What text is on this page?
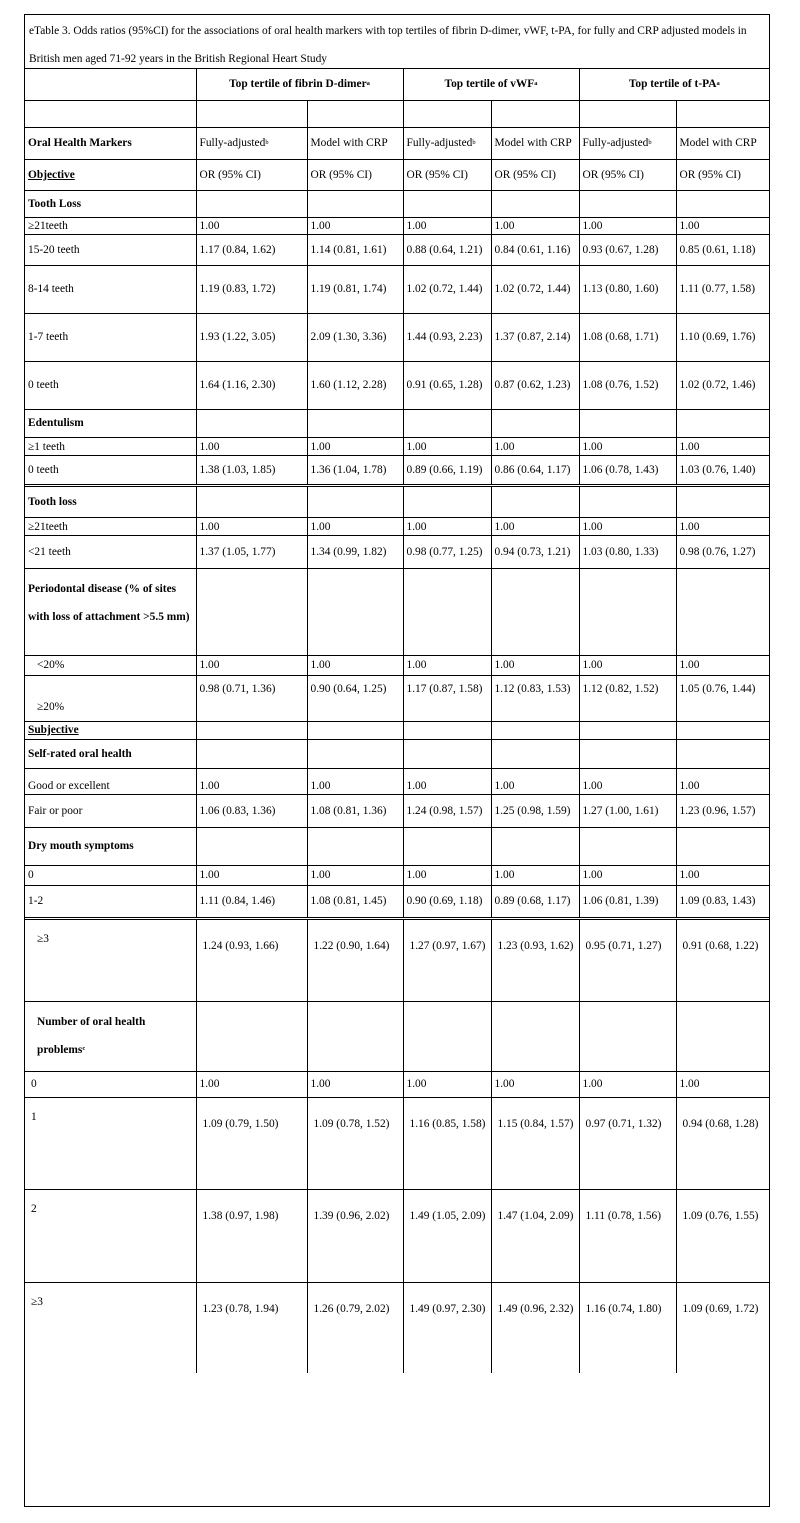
eTable 3. Odds ratios (95%CI) for the associations of oral health markers with top tertiles of fibrin D-dimer, vWF, t-PA, for fully and CRP adjusted models in British men aged 71-92 years in the British Regional Heart Study
	Top tertile of fibrin D-dimer$^a$		Top tertile of vWF$^a$		Top tertile of $t-PA^a$

Oral Health Markers	Fully-adjusted$^b$	Model with CRP	Fully-adjusted$^b$	Model with CRP	Fully-adjusted$^b$	Model with CRP
Objective	OR (95% CI)	OR (95% CI)	OR (95% CI)	OR (95% CI)	OR (95% CI)	OR (95% CI)
Tooth Loss						
≥21teeth	1.00	1.00	1.00	1.00	1.00	1.00
15-20 teeth	1.17 (0.84, 1.62)	1.14 (0.81, 1.61)	0.88 (0.64, 1.21)	0.84 (0.61, 1.16)	0.93 (0.67, 1.28)	0.85 (0.61, 1.18)
8-14 teeth	1.19 (0.83, 1.72)	1.19 (0.81, 1.74)	1.02 (0.72, 1.44)	1.02 (0.72, 1.44)	1.13 (0.80, 1.60)	1.11 (0.77, 1.58)
1-7 teeth	1.93 (1.22, 3.05)	2.09 (1.30, 3.36)	1.44 (0.93, 2.23)	1.37 (0.87, 2.14)	1.08 (0.68, 1.71)	1.10 (0.69, 1.76)
0 teeth	1.64 (1.16, 2.30)	1.60 (1.12, 2.28)	0.91 (0.65, 1.28)	0.87 (0.62, 1.23)	1.08 (0.76, 1.52)	1.02 (0.72, 1.46)
Edentulism						
≥1 teeth	1.00	1.00	1.00	1.00	1.00	1.00
0 teeth	1.38 (1.03, 1.85)	1.36 (1.04, 1.78)	0.89 (0.66, 1.19)	0.86 (0.64, 1.17)	1.06 (0.78, 1.43)	1.03 (0.76, 1.40)
Tooth loss						
≥21teeth	1.00	1.00	1.00	1.00	1.00	1.00
<21 teeth	1.37 (1.05, 1.77)	1.34 (0.99, 1.82)	0.98 (0.77, 1.25)	0.94 (0.73, 1.21)	1.03 (0.80, 1.33)	0.98 (0.76, 1.27)
Periodontal disease (% of sites with loss of attachment >5.5 mm)						
<20%	1.00	1.00	1.00	1.00	1.00	1.00
≥20%	0.98 (0.71, 1.36)	0.90 (0.64, 1.25)	1.17 (0.87, 1.58)	1.12 (0.83, 1.53)	1.12 (0.82, 1.52)	1.05 (0.76, 1.44)
Subjective						
Self-rated oral health						
Good or excellent	1.00	1.00	1.00	1.00	1.00	1.00
Fair or poor	1.06 (0.83, 1.36)	1.08 (0.81, 1.36)	1.24 (0.98, 1.57)	1.25 (0.98, 1.59)	1.27 (1.00, 1.61)	1.23 (0.96, 1.57)
Dry mouth symptoms						
0	1.00	1.00	1.00	1.00	1.00	1.00
1-2	1.11 (0.84, 1.46)	1.08 (0.81, 1.45)	0.90 (0.69, 1.18)	0.89 (0.68, 1.17)	1.06 (0.81, 1.39)	1.09 (0.83, 1.43)
≥3	1.24 (0.93, 1.66)	1.22 (0.90, 1.64)	1.27 (0.97, 1.67)	1.23 (0.93, 1.62)	0.95 (0.71, 1.27)	0.91 (0.68, 1.22)
Number of oral health problems$^c$						
0	1.00	1.00	1.00	1.00	1.00	1.00
1	1.09 (0.79, 1.50)	1.09 (0.78, 1.52)	1.16 (0.85, 1.58)	1.15 (0.84, 1.57)	0.97 (0.71, 1.32)	0.94 (0.68, 1.28)
2	1.38 (0.97, 1.98)	1.39 (0.96, 2.02)	1.49 (1.05, 2.09)	1.47 (1.04, 2.09)	1.11 (0.78, 1.56)	1.09 (0.76, 1.55)
≥3	1.23 (0.78, 1.94)	1.26 (0.79, 2.02)	1.49 (0.97, 2.30)	1.49 (0.96, 2.32)	1.16 (0.74, 1.80)	1.09 (0.69, 1.72)
